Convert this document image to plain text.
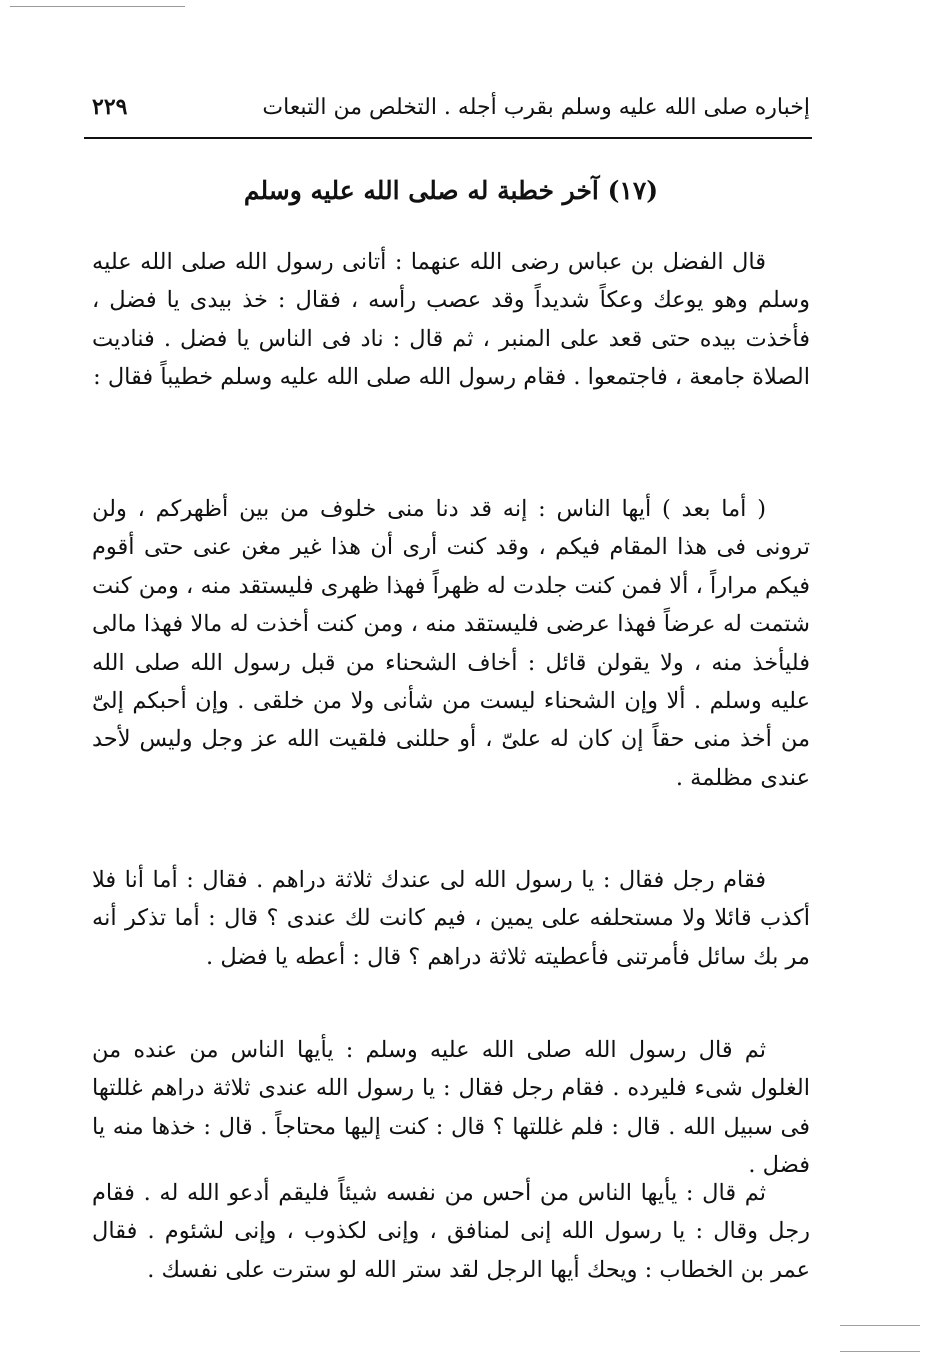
إخباره صلى الله عليه وسلم بقرب أجله . التخلص من التبعات
٢٢٩
(١٧) آخر خطبة له صلى الله عليه وسلم

قال الفضل بن عباس رضى الله عنهما : أتانى رسول الله صلى الله عليه وسلم وهو يوعك وعكاً شديداً وقد عصب رأسه ، فقال : خذ بيدى يا فضل ، فأخذت بيده حتى قعد على المنبر ، ثم قال : ناد فى الناس يا فضل . فناديت الصلاة جامعة ، فاجتمعوا . فقام رسول الله صلى الله عليه وسلم خطيباً فقال :

( أما بعد ) أيها الناس : إنه قد دنا منى خلوف من بين أظهركم ، ولن ترونى فى هذا المقام فيكم ، وقد كنت أرى أن هذا غير مغن عنى حتى أقوم فيكم مراراً ، ألا فمن كنت جلدت له ظهراً فهذا ظهرى فليستقد منه ، ومن كنت شتمت له عرضاً فهذا عرضى فليستقد منه ، ومن كنت أخذت له مالا فهذا مالى فليأخذ منه ، ولا يقولن قائل : أخاف الشحناء من قبل رسول الله صلى الله عليه وسلم . ألا وإن الشحناء ليست من شأنى ولا من خلقى . وإن أحبكم إلىّ من أخذ منى حقاً إن كان له علىّ ، أو حللنى فلقيت الله عز وجل وليس لأحد عندى مظلمة .

فقام رجل فقال : يا رسول الله لى عندك ثلاثة دراهم . فقال : أما أنا فلا أكذب قائلا ولا مستحلفه على يمين ، فيم كانت لك عندى ؟ قال : أما تذكر أنه مر بك سائل فأمرتنى فأعطيته ثلاثة دراهم ؟ قال : أعطه يا فضل .

ثم قال رسول الله صلى الله عليه وسلم : يأيها الناس من عنده من الغلول شىء فليرده . فقام رجل فقال : يا رسول الله عندى ثلاثة دراهم غللتها فى سبيل الله . قال : فلم غللتها ؟ قال : كنت إليها محتاجاً . قال : خذها منه يا فضل .

ثم قال : يأيها الناس من أحس من نفسه شيئاً فليقم أدعو الله له . فقام رجل وقال : يا رسول الله إنى لمنافق ، وإنى لكذوب ، وإنى لشئوم . فقال عمر بن الخطاب : ويحك أيها الرجل لقد ستر الله لو سترت على نفسك .
